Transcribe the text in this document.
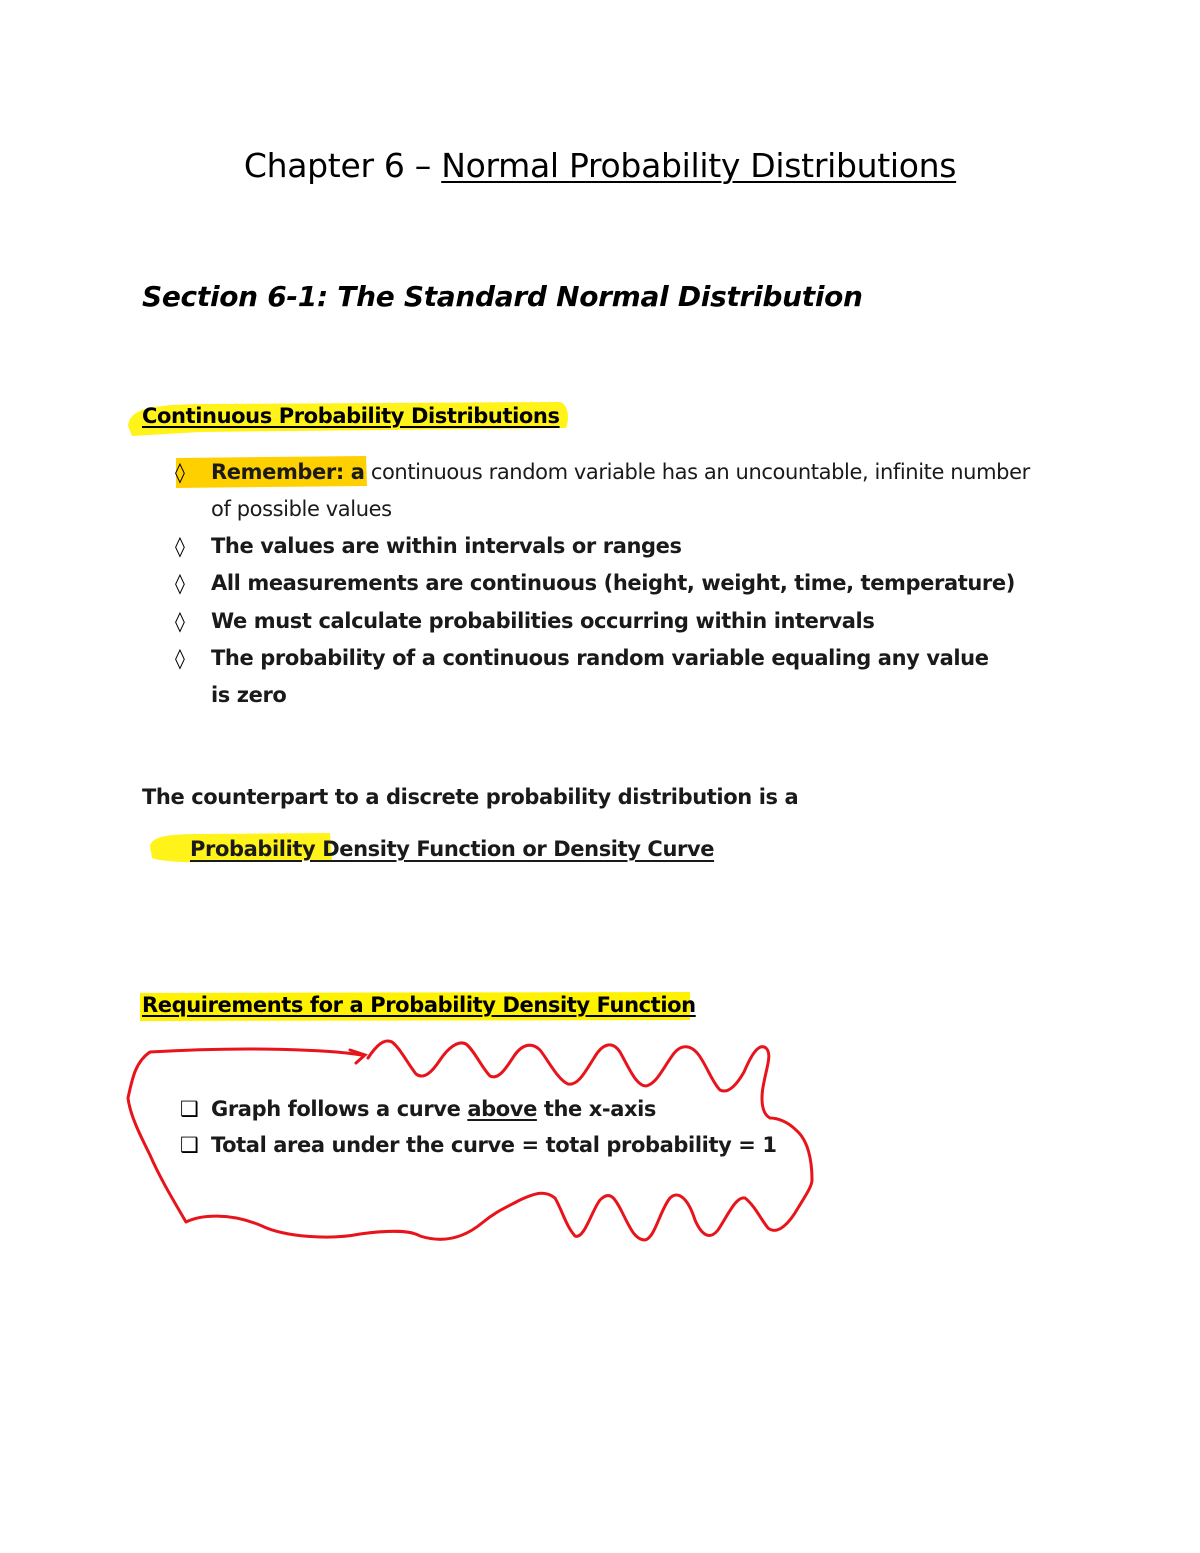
Chapter 6 – Normal Probability Distributions
Section 6-1: The Standard Normal Distribution
Continuous Probability Distributions
◊ Remember: a continuous random variable has an uncountable, infinite number of possible values
◊ The values are within intervals or ranges
◊ All measurements are continuous (height, weight, time, temperature)
◊ We must calculate probabilities occurring within intervals
◊ The probability of a continuous random variable equaling any value is zero
The counterpart to a discrete probability distribution is a
Probability Density Function or Density Curve
Requirements for a Probability Density Function
❑ Graph follows a curve above the x-axis
❑ Total area under the curve = total probability = 1
